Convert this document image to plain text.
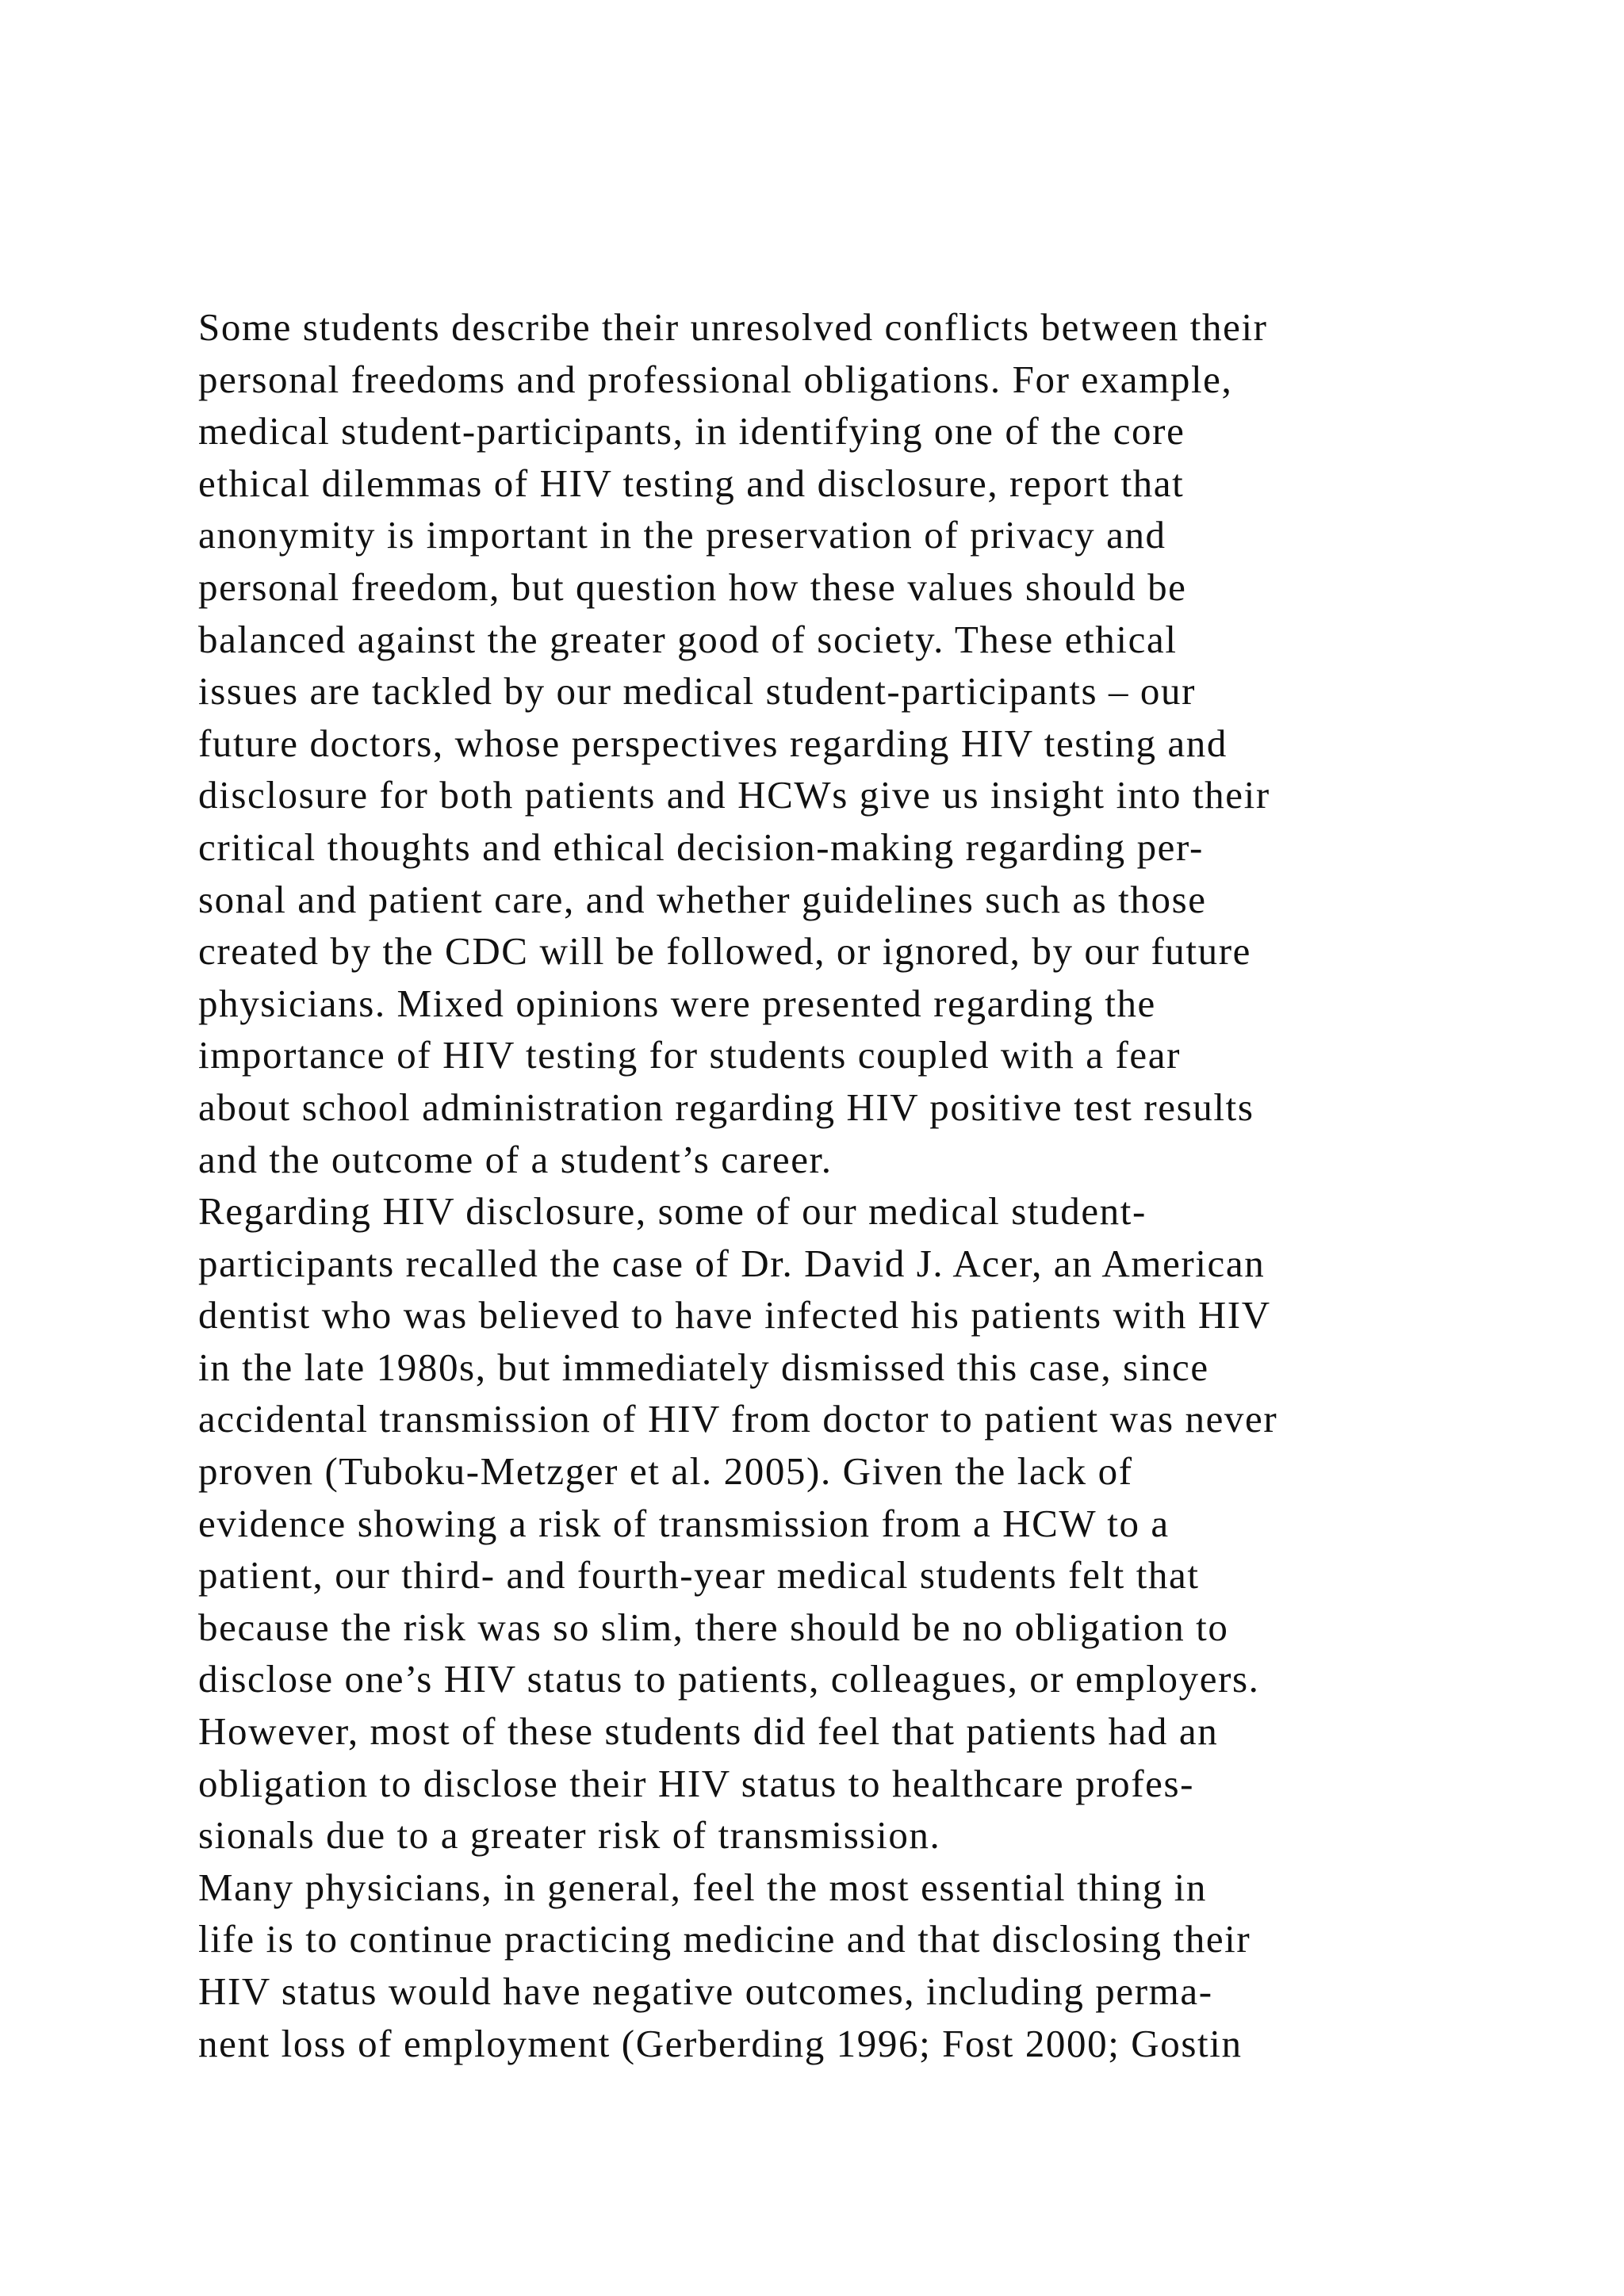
Some students describe their unresolved conflicts between their
personal freedoms and professional obligations. For example,
medical student-participants, in identifying one of the core
ethical dilemmas of HIV testing and disclosure, report that
anonymity is important in the preservation of privacy and
personal freedom, but question how these values should be
balanced against the greater good of society. These ethical
issues are tackled by our medical student-participants – our
future doctors, whose perspectives regarding HIV testing and
disclosure for both patients and HCWs give us insight into their
critical thoughts and ethical decision-making regarding per-
sonal and patient care, and whether guidelines such as those
created by the CDC will be followed, or ignored, by our future
physicians. Mixed opinions were presented regarding the
importance of HIV testing for students coupled with a fear
about school administration regarding HIV positive test results
and the outcome of a student’s career.
Regarding HIV disclosure, some of our medical student-
participants recalled the case of Dr. David J. Acer, an American
dentist who was believed to have infected his patients with HIV
in the late 1980s, but immediately dismissed this case, since
accidental transmission of HIV from doctor to patient was never
proven (Tuboku-Metzger et al. 2005). Given the lack of
evidence showing a risk of transmission from a HCW to a
patient, our third- and fourth-year medical students felt that
because the risk was so slim, there should be no obligation to
disclose one’s HIV status to patients, colleagues, or employers.
However, most of these students did feel that patients had an
obligation to disclose their HIV status to healthcare profes-
sionals due to a greater risk of transmission.
Many physicians, in general, feel the most essential thing in
life is to continue practicing medicine and that disclosing their
HIV status would have negative outcomes, including perma-
nent loss of employment (Gerberding 1996; Fost 2000; Gostin
